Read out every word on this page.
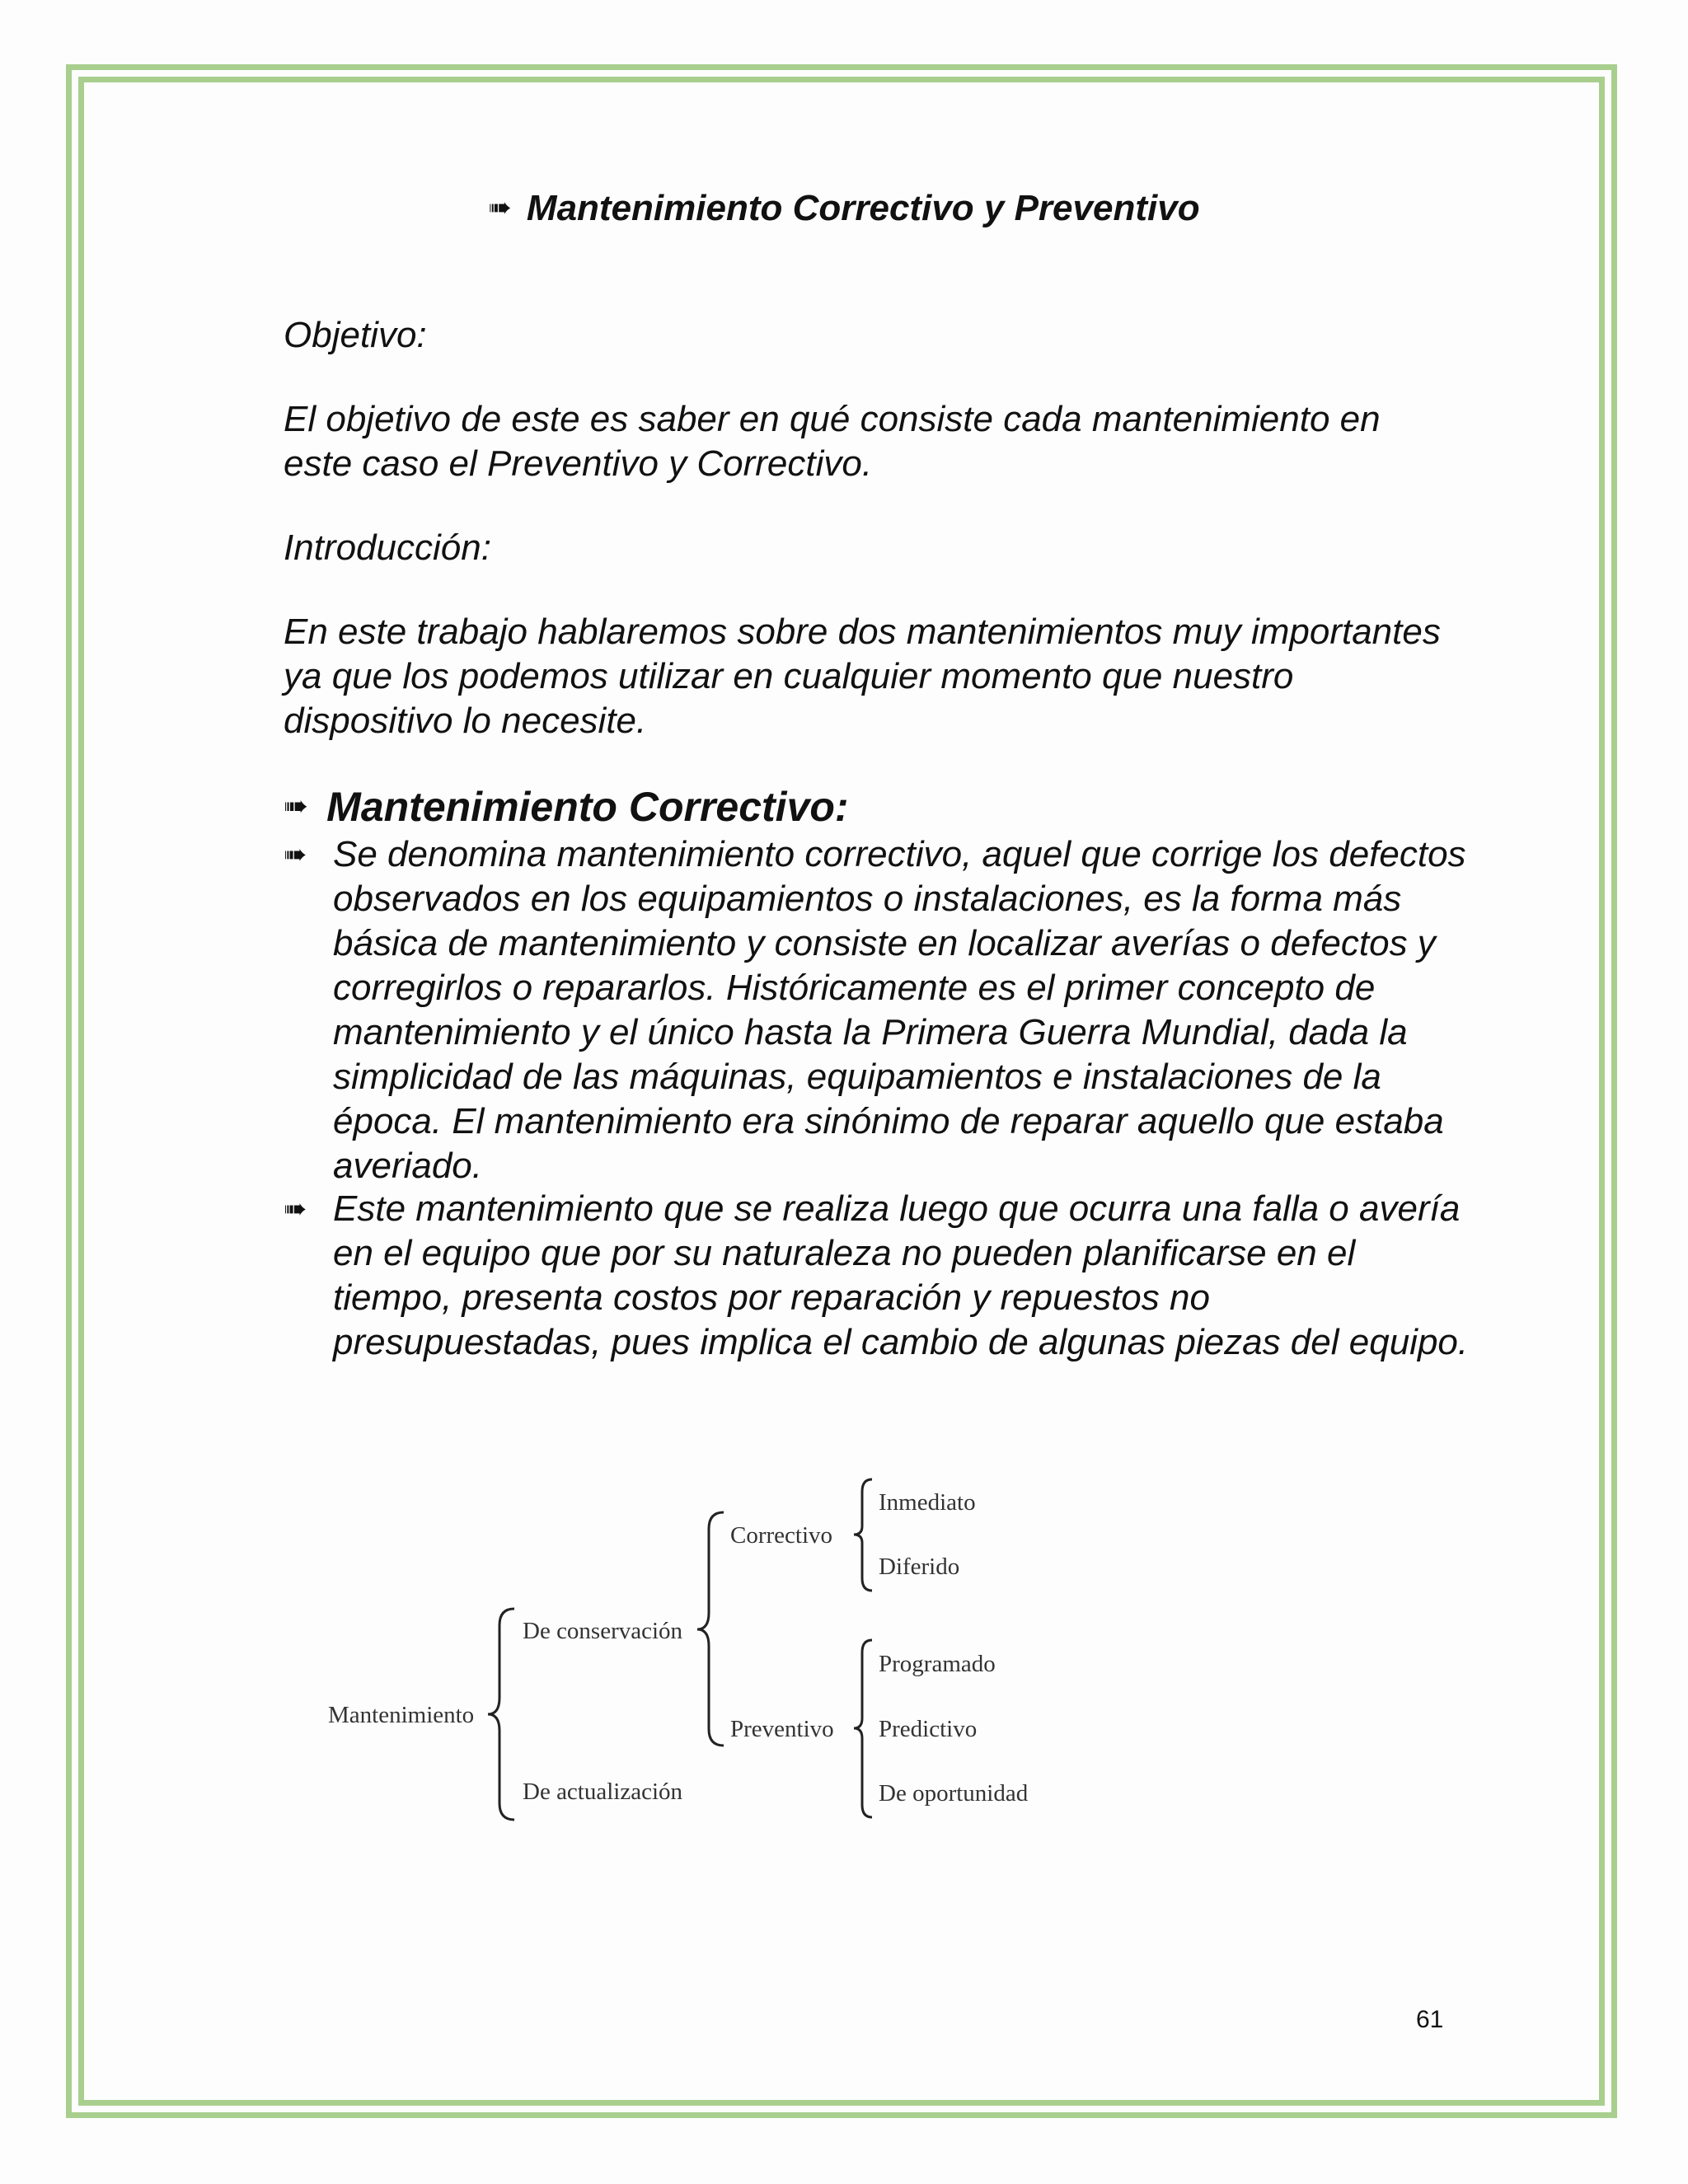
➠ Mantenimiento Correctivo y Preventivo
Objetivo:
El objetivo de este es saber en qué consiste cada mantenimiento en este caso el Preventivo y Correctivo.
Introducción:
En este trabajo hablaremos sobre dos mantenimientos muy importantes ya que los podemos utilizar en cualquier momento que nuestro dispositivo lo necesite.
➠ Mantenimiento Correctivo:
➠ Se denomina mantenimiento correctivo, aquel que corrige los defectos observados en los equipamientos o instalaciones, es la forma más básica de mantenimiento y consiste en localizar averías o defectos y corregirlos o repararlos. Históricamente es el primer concepto de mantenimiento y el único hasta la Primera Guerra Mundial, dada la simplicidad de las máquinas, equipamientos e instalaciones de la época. El mantenimiento era sinónimo de reparar aquello que estaba averiado.
➠ Este mantenimiento que se realiza luego que ocurra una falla o avería en el equipo que por su naturaleza no pueden planificarse en el tiempo, presenta costos por reparación y repuestos no presupuestadas, pues implica el cambio de algunas piezas del equipo.
Mantenimiento
De conservación
De actualización
Correctivo
Preventivo
Inmediato
Diferido
Programado
Predictivo
De oportunidad
61
